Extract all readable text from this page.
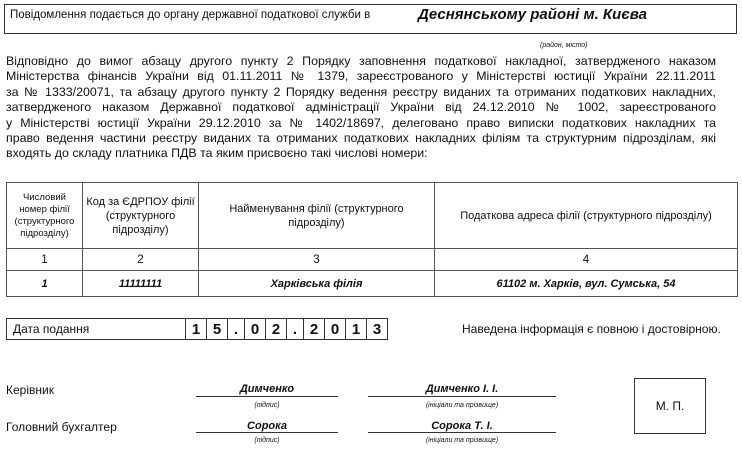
Повідомлення подається до органу державної податкової служби в	Деснянському районі м. Києва
(район, місто)
Відповідно до вимог абзацу другого пункту 2 Порядку заповнення податкової накладної, затвердженого наказом
Міністерства фінансів України від 01.11.2011 № 1379, зареєстрованого у Міністерстві юстиції України 22.11.2011
за № 1333/20071, та абзацу другого пункту 2 Порядку ведення реєстру виданих та отриманих податкових накладних,
затвердженого наказом Державної податкової адміністрації України від 24.12.2010 № 1002, зареєстрованого
у Міністерстві юстиції України 29.12.2010 за № 1402/18697, делеговано право виписки податкових накладних та
право ведення частини реєстру виданих та отриманих податкових накладних філіям та структурним підрозділам, які
входять до складу платника ПДВ та яким присвоєно такі числові номери:
Числовий номер філії (структурного підрозділу)	Код за ЄДРПОУ філії (структурного підрозділу)	Найменування філії (структурного підрозділу)	Податкова адреса філії (структурного підрозділу)
1	2	3	4
1	11111111	Харківська філія	61102 м. Харків, вул. Сумська, 54
Дата подання	1 5 . 0 2 . 2 0 1 3	Наведена інформація є повною і достовірною.
Керівник	Димченко
(підпис)
Димченко І. І.
(ініціали та прізвище)
Головний бухгалтер	Сорока
(підпис)
Сорока Т. І.
(ініціали та прізвище)
М. П.
